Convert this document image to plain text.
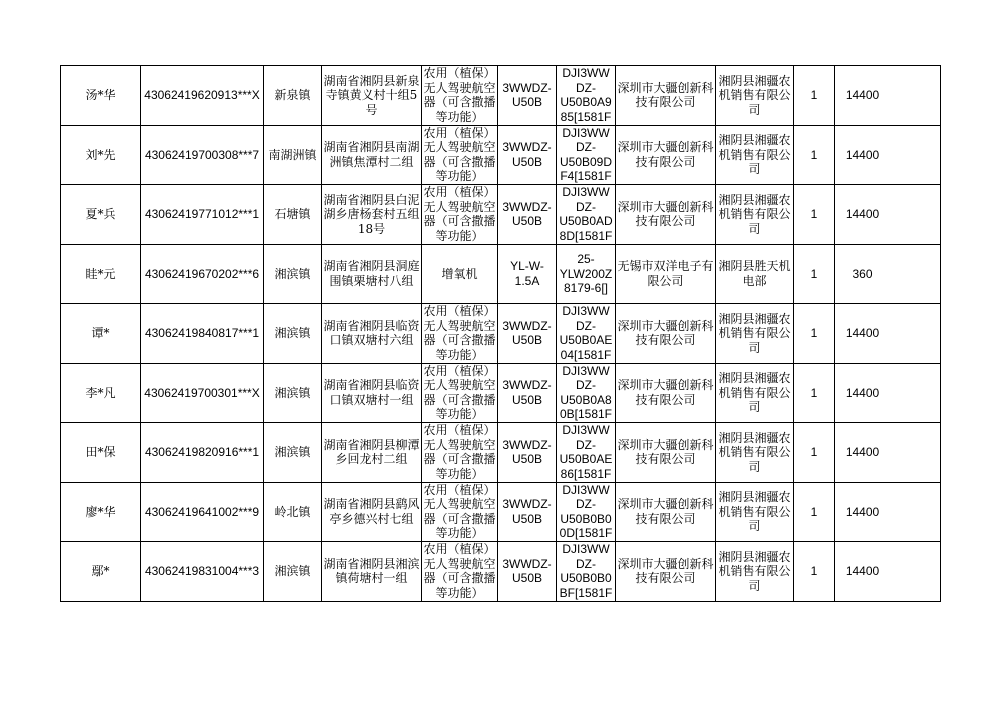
汤*华	43062419620913***X	新泉镇	湖南省湘阴县新泉寺镇黄义村十组5号	农用（植保）无人驾驶航空器（可含撒播等功能）	3WWDZ-U50B	DJI3WWDZ-U50B0A985[1581F	深圳市大疆创新科技有限公司	湘阴县湘疆农机销售有限公司	1	14400
刘*先	43062419700308***7	南湖洲镇	湖南省湘阴县南湖洲镇焦潭村二组	农用（植保）无人驾驶航空器（可含撒播等功能）	3WWDZ-U50B	DJI3WWDZ-U50B09DF4[1581F	深圳市大疆创新科技有限公司	湘阴县湘疆农机销售有限公司	1	14400
夏*兵	43062419771012***1	石塘镇	湖南省湘阴县白泥湖乡唐杨套村五组18号	农用（植保）无人驾驶航空器（可含撒播等功能）	3WWDZ-U50B	DJI3WWDZ-U50B0AD8D[1581F	深圳市大疆创新科技有限公司	湘阴县湘疆农机销售有限公司	1	14400
眭*元	43062419670202***6	湘滨镇	湖南省湘阴县洞庭围镇栗塘村八组	增氧机	YL-W-1.5A	25-YLW200Z8179-6[]	无锡市双洋电子有限公司	湘阴县胜天机电部	1	360
谭*	43062419840817***1	湘滨镇	湖南省湘阴县临资口镇双塘村六组	农用（植保）无人驾驶航空器（可含撒播等功能）	3WWDZ-U50B	DJI3WWDZ-U50B0AE04[1581F	深圳市大疆创新科技有限公司	湘阴县湘疆农机销售有限公司	1	14400
李*凡	43062419700301***X	湘滨镇	湖南省湘阴县临资口镇双塘村一组	农用（植保）无人驾驶航空器（可含撒播等功能）	3WWDZ-U50B	DJI3WWDZ-U50B0A80B[1581F	深圳市大疆创新科技有限公司	湘阴县湘疆农机销售有限公司	1	14400
田*保	43062419820916***1	湘滨镇	湖南省湘阴县柳潭乡回龙村二组	农用（植保）无人驾驶航空器（可含撒播等功能）	3WWDZ-U50B	DJI3WWDZ-U50B0AE86[1581F	深圳市大疆创新科技有限公司	湘阴县湘疆农机销售有限公司	1	14400
廖*华	43062419641002***9	岭北镇	湖南省湘阴县鹞风亭乡德兴村七组	农用（植保）无人驾驶航空器（可含撒播等功能）	3WWDZ-U50B	DJI3WWDZ-U50B0B00D[1581F	深圳市大疆创新科技有限公司	湘阴县湘疆农机销售有限公司	1	14400
鄢*	43062419831004***3	湘滨镇	湖南省湘阴县湘滨镇荷塘村一组	农用（植保）无人驾驶航空器（可含撒播等功能）	3WWDZ-U50B	DJI3WWDZ-U50B0B0BF[1581F	深圳市大疆创新科技有限公司	湘阴县湘疆农机销售有限公司	1	14400
